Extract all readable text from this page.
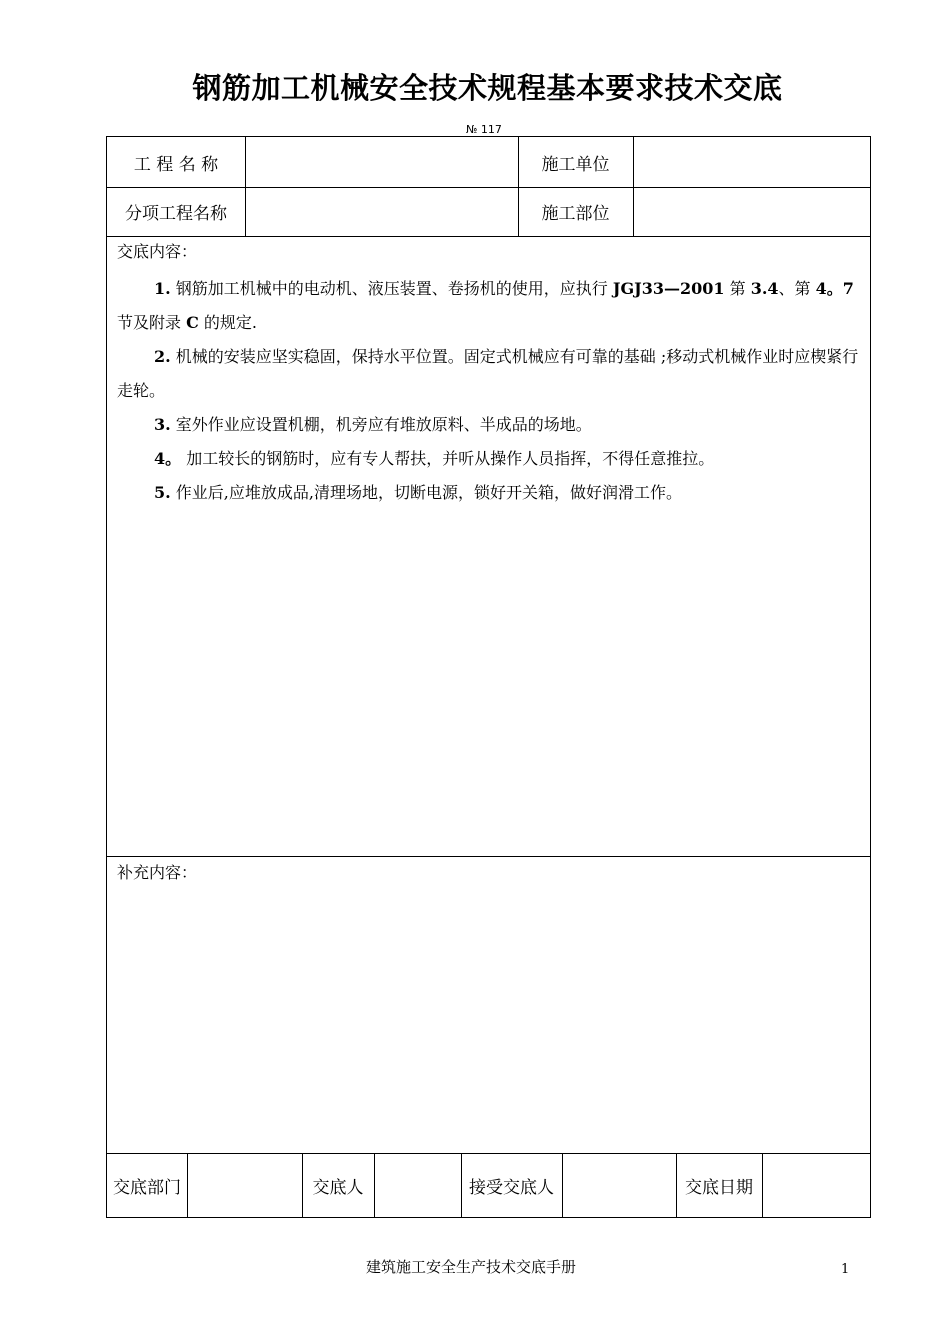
钢筋加工机械安全技术规程基本要求技术交底
№ 117
工 程 名 称	施工单位
分项工程名称	施工部位
交底内容：

1. 钢筋加工机械中的电动机、液压装置、卷扬机的使用，应执行 JGJ33—2001 第 3.4、第 4。7 节及附录 C 的规定.

2. 机械的安装应坚实稳固，保持水平位置。固定式机械应有可靠的基础 ;移动式机械作业时应楔紧行走轮。

3. 室外作业应设置机棚，机旁应有堆放原料、半成品的场地。

4。 加工较长的钢筋时，应有专人帮扶，并听从操作人员指挥，不得任意推拉。

5. 作业后,应堆放成品,清理场地，切断电源，锁好开关箱，做好润滑工作。

补充内容：
交底部门	交底人	接受交底人	交底日期
建筑施工安全生产技术交底手册	1
